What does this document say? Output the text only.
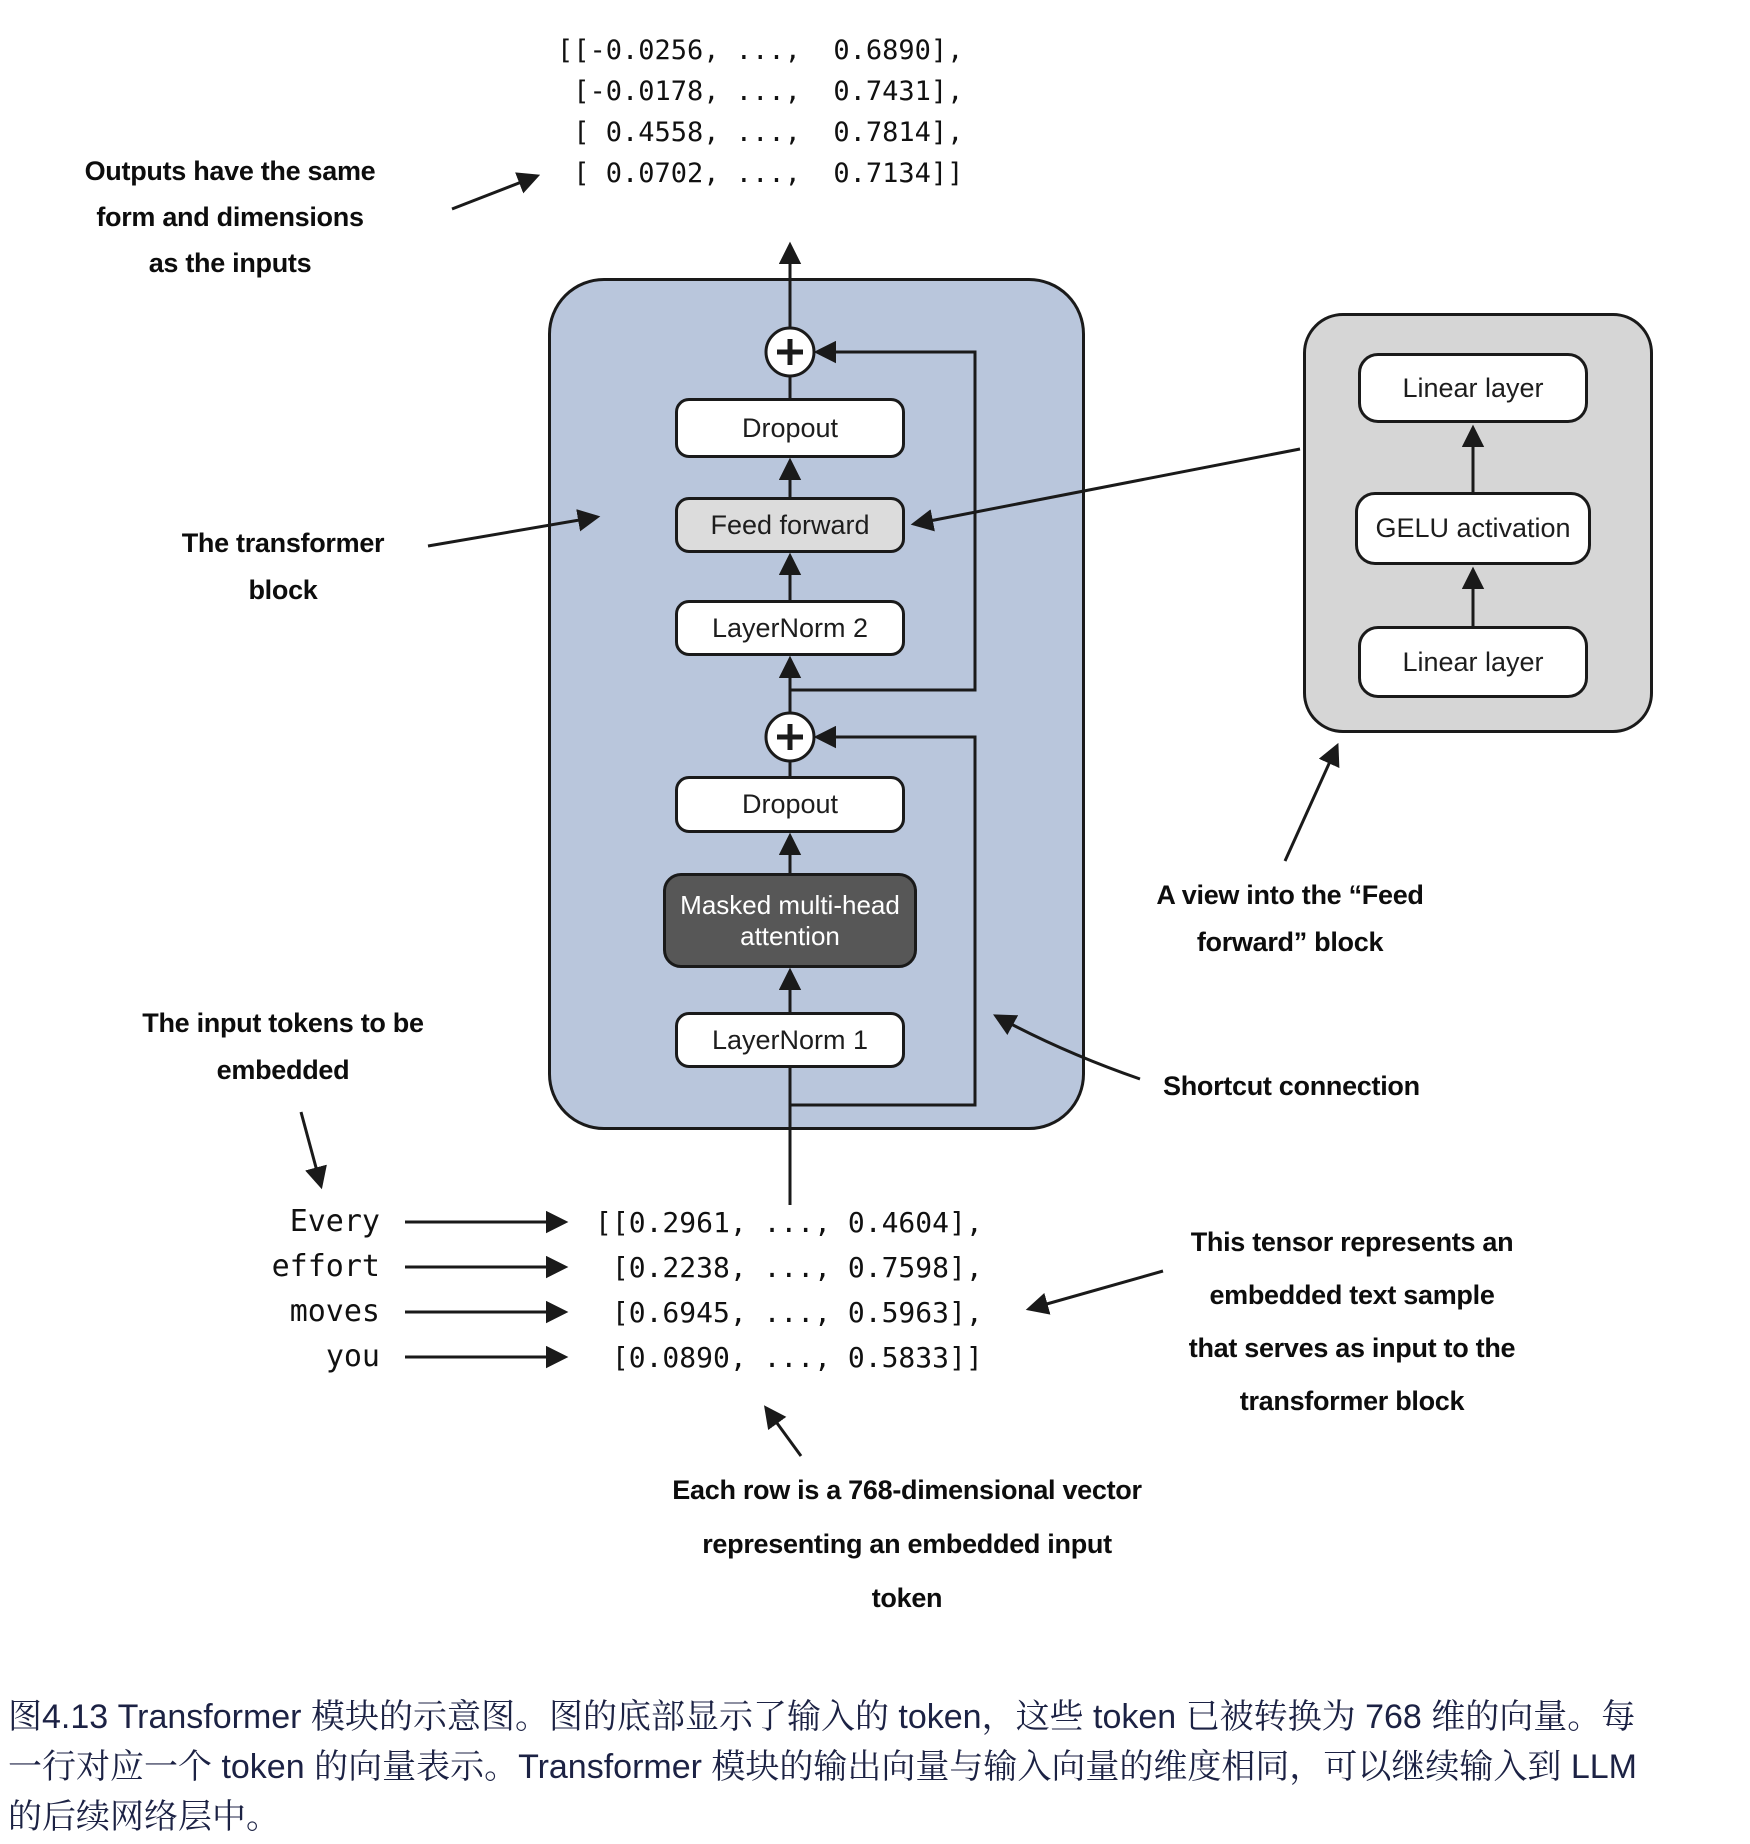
Dropout
Feed forward
LayerNorm 2
Dropout
Masked multi-head
attention
LayerNorm 1
Linear layer
GELU activation
Linear layer
[[-0.0256, ...,  0.6890],
[-0.0178, ...,  0.7431],
[ 0.4558, ...,  0.7814],
[ 0.0702, ...,  0.7134]]
[[0.2961, ..., 0.4604],
[0.2238, ..., 0.7598],
[0.6945, ..., 0.5963],
[0.0890, ..., 0.5833]]
Every
effort
moves
you
Outputs have the same
form and dimensions
as the inputs
The transformer
block
A view into the “Feed
forward” block
Shortcut connection
The input tokens to be
embedded
This tensor represents an
embedded text sample
that serves as input to the
transformer block
Each row is a 768-dimensional vector
representing an embedded input
token
图4.13 Transformer 模块的示意图。图的底部显示了输入的 token，这些 token 已被转换为 768 维的向量。每
一行对应一个 token 的向量表示。Transformer 模块的输出向量与输入向量的维度相同，可以继续输入到 LLM
的后续网络层中。
